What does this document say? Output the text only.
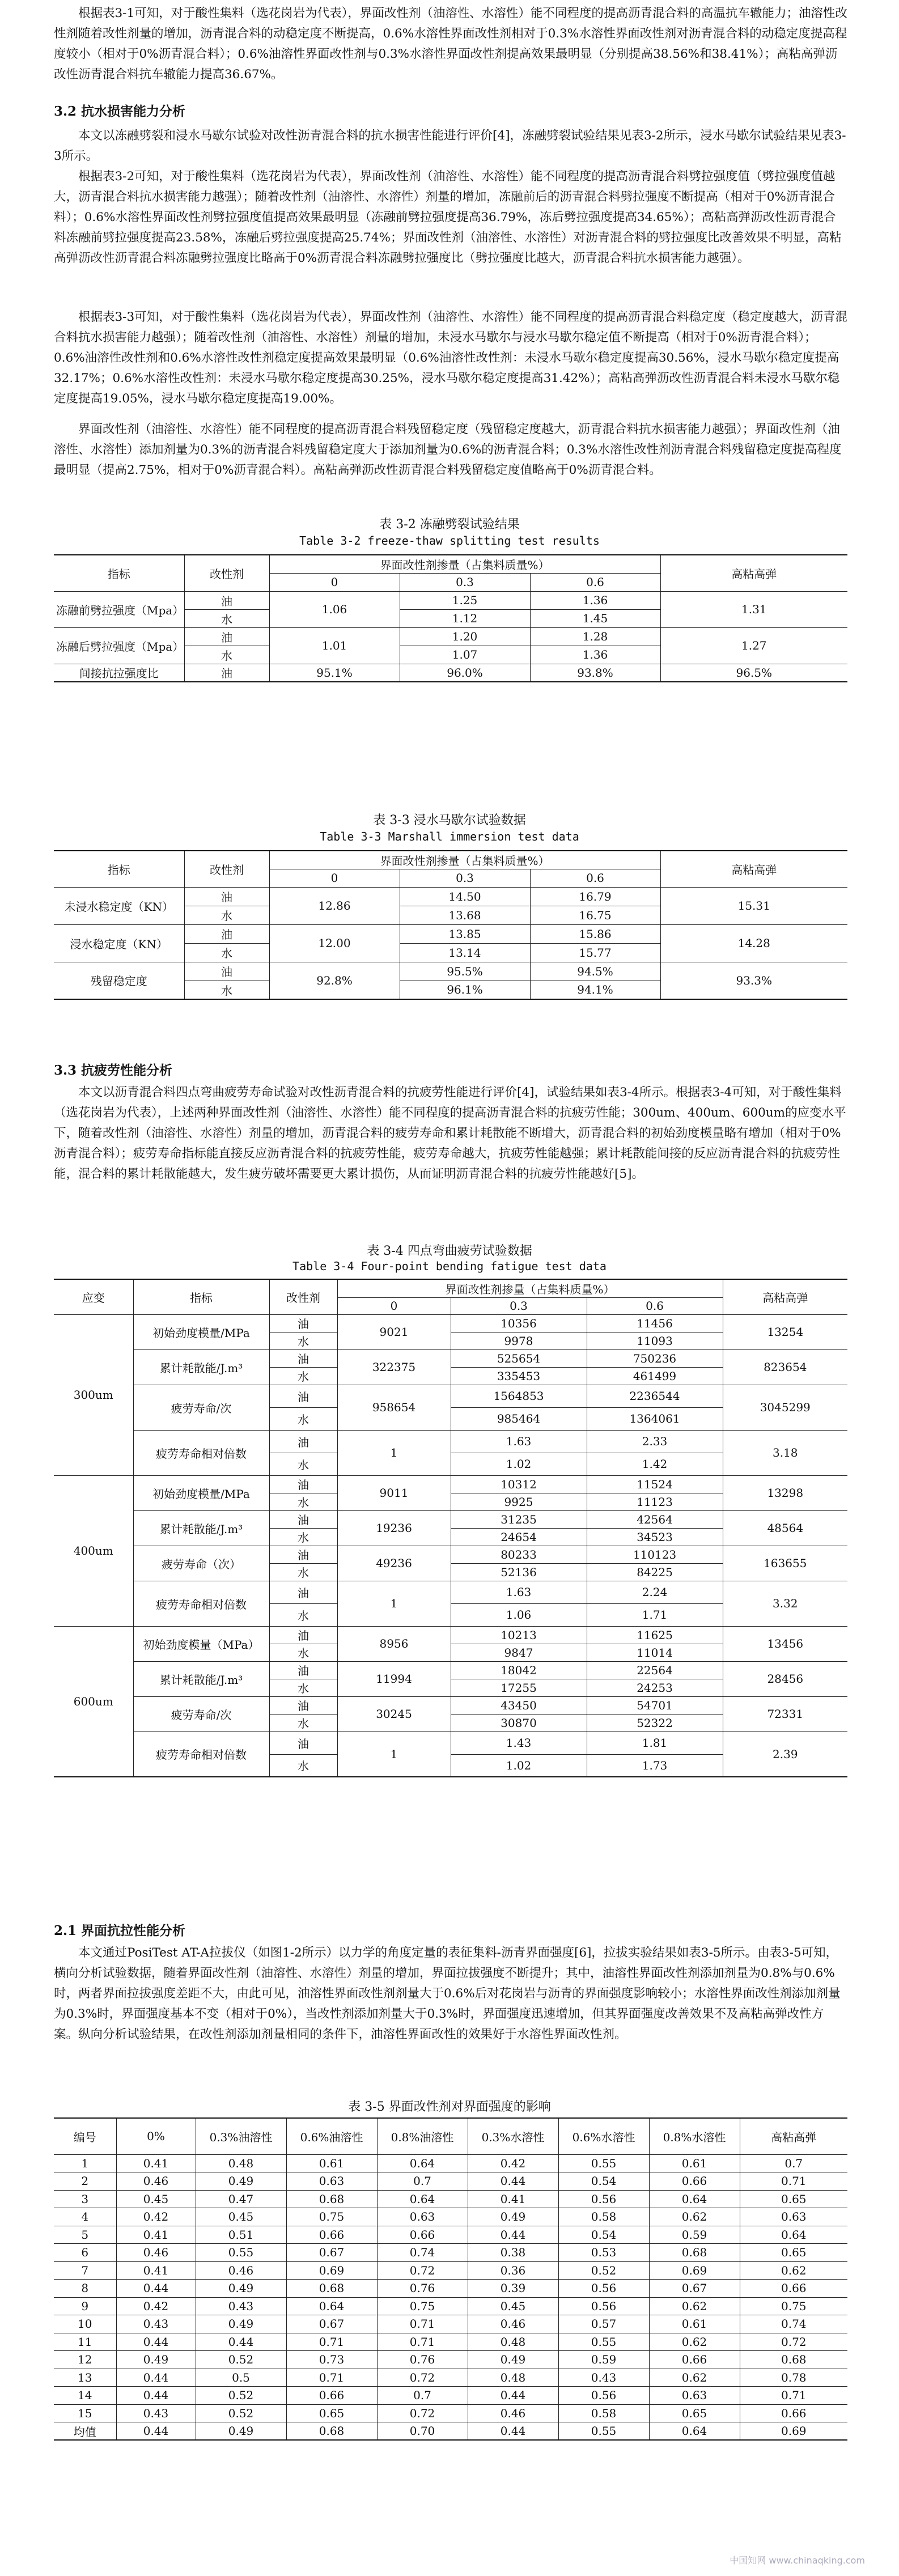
根据表3-1可知，对于酸性集料（选花岗岩为代表），界面改性剂（油溶性、水溶性）能不同程度的提高沥青混合料的高温抗车辙能力；油溶性改性剂随着改性剂量的增加，沥青混合料的动稳定度不断提高，0.6%水溶性界面改性剂相对于0.3%水溶性界面改性剂对沥青混合料的动稳定度提高程度较小（相对于0%沥青混合料）；0.6%油溶性界面改性剂与0.3%水溶性界面改性剂提高效果最明显（分别提高38.56%和38.41%）；高粘高弹沥改性沥青混合料抗车辙能力提高36.67%。

3.2 抗水损害能力分析

本文以冻融劈裂和浸水马歇尔试验对改性沥青混合料的抗水损害性能进行评价[4]，冻融劈裂试验结果见表3-2所示，浸水马歇尔试验结果见表3-3所示。

根据表3-2可知，对于酸性集料（选花岗岩为代表），界面改性剂（油溶性、水溶性）能不同程度的提高沥青混合料劈拉强度值（劈拉强度值越大，沥青混合料抗水损害能力越强）；随着改性剂（油溶性、水溶性）剂量的增加，冻融前后的沥青混合料劈拉强度不断提高（相对于0%沥青混合料）；0.6%水溶性界面改性剂劈拉强度值提高效果最明显（冻融前劈拉强度提高36.79%，冻后劈拉强度提高34.65%）；高粘高弹沥改性沥青混合料冻融前劈拉强度提高23.58%，冻融后劈拉强度提高25.74%；界面改性剂（油溶性、水溶性）对沥青混合料的劈拉强度比改善效果不明显，高粘高弹沥改性沥青混合料冻融劈拉强度比略高于0%沥青混合料冻融劈拉强度比（劈拉强度比越大，沥青混合料抗水损害能力越强）。

根据表3-3可知，对于酸性集料（选花岗岩为代表），界面改性剂（油溶性、水溶性）能不同程度的提高沥青混合料稳定度（稳定度越大，沥青混合料抗水损害能力越强）；随着改性剂（油溶性、水溶性）剂量的增加，未浸水马歇尔与浸水马歇尔稳定值不断提高（相对于0%沥青混合料）；0.6%油溶性改性剂和0.6%水溶性改性剂稳定度提高效果最明显（0.6%油溶性改性剂：未浸水马歇尔稳定度提高30.56%，浸水马歇尔稳定度提高32.17%；0.6%水溶性改性剂：未浸水马歇尔稳定度提高30.25%，浸水马歇尔稳定度提高31.42%）；高粘高弹沥改性沥青混合料未浸水马歇尔稳定度提高19.05%，浸水马歇尔稳定度提高19.00%。

界面改性剂（油溶性、水溶性）能不同程度的提高沥青混合料残留稳定度（残留稳定度越大，沥青混合料抗水损害能力越强）；界面改性剂（油溶性、水溶性）添加剂量为0.3%的沥青混合料残留稳定度大于添加剂量为0.6%的沥青混合料；0.3%水溶性改性剂沥青混合料残留稳定度提高程度最明显（提高2.75%，相对于0%沥青混合料）。高粘高弹沥改性沥青混合料残留稳定度值略高于0%沥青混合料。

表 3-2 冻融劈裂试验结果

Table 3-2 freeze-thaw splitting test results

指标	改性剂	界面改性剂掺量（占集料质量%）			高粘高弹
		0	0.3	0.6	
冻融前劈拉强度（Mpa）	油	1.06	1.25	1.36	1.31
	水		1.12	1.45	
冻融后劈拉强度（Mpa）	油	1.01	1.20	1.28	1.27
	水		1.07	1.36	
间接抗拉强度比	油	95.1%	96.0%	93.8%	96.5%

表 3-3 浸水马歇尔试验数据

Table 3-3 Marshall immersion test data

指标	改性剂	界面改性剂掺量（占集料质量%）			高粘高弹
		0	0.3	0.6	
未浸水稳定度（KN）	油	12.86	14.50	16.79	15.31
	水		13.68	16.75	
浸水稳定度（KN）	油	12.00	13.85	15.86	14.28
	水		13.14	15.77	
残留稳定度	油	92.8%	95.5%	94.5%	93.3%
	水		96.1%	94.1%	
3.3 抗疲劳性能分析

本文以沥青混合料四点弯曲疲劳寿命试验对改性沥青混合料的抗疲劳性能进行评价[4]，试验结果如表3-4所示。根据表3-4可知，对于酸性集料（选花岗岩为代表），上述两种界面改性剂（油溶性、水溶性）能不同程度的提高沥青混合料的抗疲劳性能；300um、400um、600um的应变水平下，随着改性剂（油溶性、水溶性）剂量的增加，沥青混合料的疲劳寿命和累计耗散能不断增大，沥青混合料的初始劲度模量略有增加（相对于0%沥青混合料）；疲劳寿命指标能直接反应沥青混合料的抗疲劳性能，疲劳寿命越大，抗疲劳性能越强；累计耗散能间接的反应沥青混合料的抗疲劳性能，混合料的累计耗散能越大，发生疲劳破坏需要更大累计损伤，从而证明沥青混合料的抗疲劳性能越好[5]。

表 3-4 四点弯曲疲劳试验数据

Table 3-4 Four-point bending fatigue test data

应变	指标	改性剂	界面改性剂掺量（占集料质量%）			高粘高弹
			0	0.3	0.6	
300um	初始劲度模量/MPa	油	9021	10356	11456	13254
		水		9978	11093	
	累计耗散能/J.m³	油	322375	525654	750236	823654
		水		335453	461499	
	疲劳寿命/次	油	958654	1564853	2236544	3045299
		水		985464	1364061	
	疲劳寿命相对倍数	油	1	1.63	2.33	3.18
		水		1.02	1.42	
400um	初始劲度模量/MPa	油	9011	10312	11524	13298
		水		9925	11123	
	累计耗散能/J.m³	油	19236	31235	42564	48564
		水		24654	34523	
	疲劳寿命（次）	油	49236	80233	110123	163655
		水		52136	84225	
	疲劳寿命相对倍数	油	1	1.63	2.24	3.32
		水		1.06	1.71	
600um	初始劲度模量（MPa）	油	8956	10213	11625	13456
		水		9847	11014	
	累计耗散能/J.m³	油	11994	18042	22564	28456
		水		17255	24253	
	疲劳寿命/次	油	30245	43450	54701	72331
		水		30870	52322	
	疲劳寿命相对倍数	油	1	1.43	1.81	2.39
		水		1.02	1.73	
2.1 界面抗拉性能分析

本文通过PosiTest AT-A拉拔仪（如图1-2所示）以力学的角度定量的表征集料-沥青界面强度[6]，拉拔实验结果如表3-5所示。由表3-5可知，横向分析试验数据，随着界面改性剂（油溶性、水溶性）剂量的增加，界面拉拔强度不断提升；其中，油溶性界面改性剂添加剂量为0.8%与0.6%时，两者界面拉拔强度差距不大，由此可见，油溶性界面改性剂剂量大于0.6%后对花岗岩与沥青的界面强度影响较小；水溶性界面改性剂添加剂量为0.3%时，界面强度基本不变（相对于0%），当改性剂添加剂量大于0.3%时，界面强度迅速增加，但其界面强度改善效果不及高粘高弹改性方案。纵向分析试验结果，在改性剂添加剂量相同的条件下，油溶性界面改性的效果好于水溶性界面改性剂。

表 3-5 界面改性剂对界面强度的影响

编号	0%	0.3%油溶性	0.6%油溶性	0.8%油溶性	0.3%水溶性	0.6%水溶性	0.8%水溶性	高粘高弹
1	0.41	0.48	0.61	0.64	0.42	0.55	0.61	0.7
2	0.46	0.49	0.63	0.7	0.44	0.54	0.66	0.71
3	0.45	0.47	0.68	0.64	0.41	0.56	0.64	0.65
4	0.42	0.45	0.75	0.63	0.49	0.58	0.62	0.63
5	0.41	0.51	0.66	0.66	0.44	0.54	0.59	0.64
6	0.46	0.55	0.67	0.74	0.38	0.53	0.68	0.65
7	0.41	0.46	0.69	0.72	0.36	0.52	0.69	0.62
8	0.44	0.49	0.68	0.76	0.39	0.56	0.67	0.66
9	0.42	0.43	0.64	0.75	0.45	0.56	0.62	0.75
10	0.43	0.49	0.67	0.71	0.46	0.57	0.61	0.74
11	0.44	0.44	0.71	0.71	0.48	0.55	0.62	0.72
12	0.49	0.52	0.73	0.76	0.49	0.59	0.66	0.68
13	0.44	0.5	0.71	0.72	0.48	0.43	0.62	0.78
14	0.44	0.52	0.66	0.7	0.44	0.56	0.63	0.71
15	0.43	0.52	0.65	0.72	0.46	0.58	0.65	0.66
均值	0.44	0.49	0.68	0.70	0.44	0.55	0.64	0.69
中国知网 www.chinaqking.com
